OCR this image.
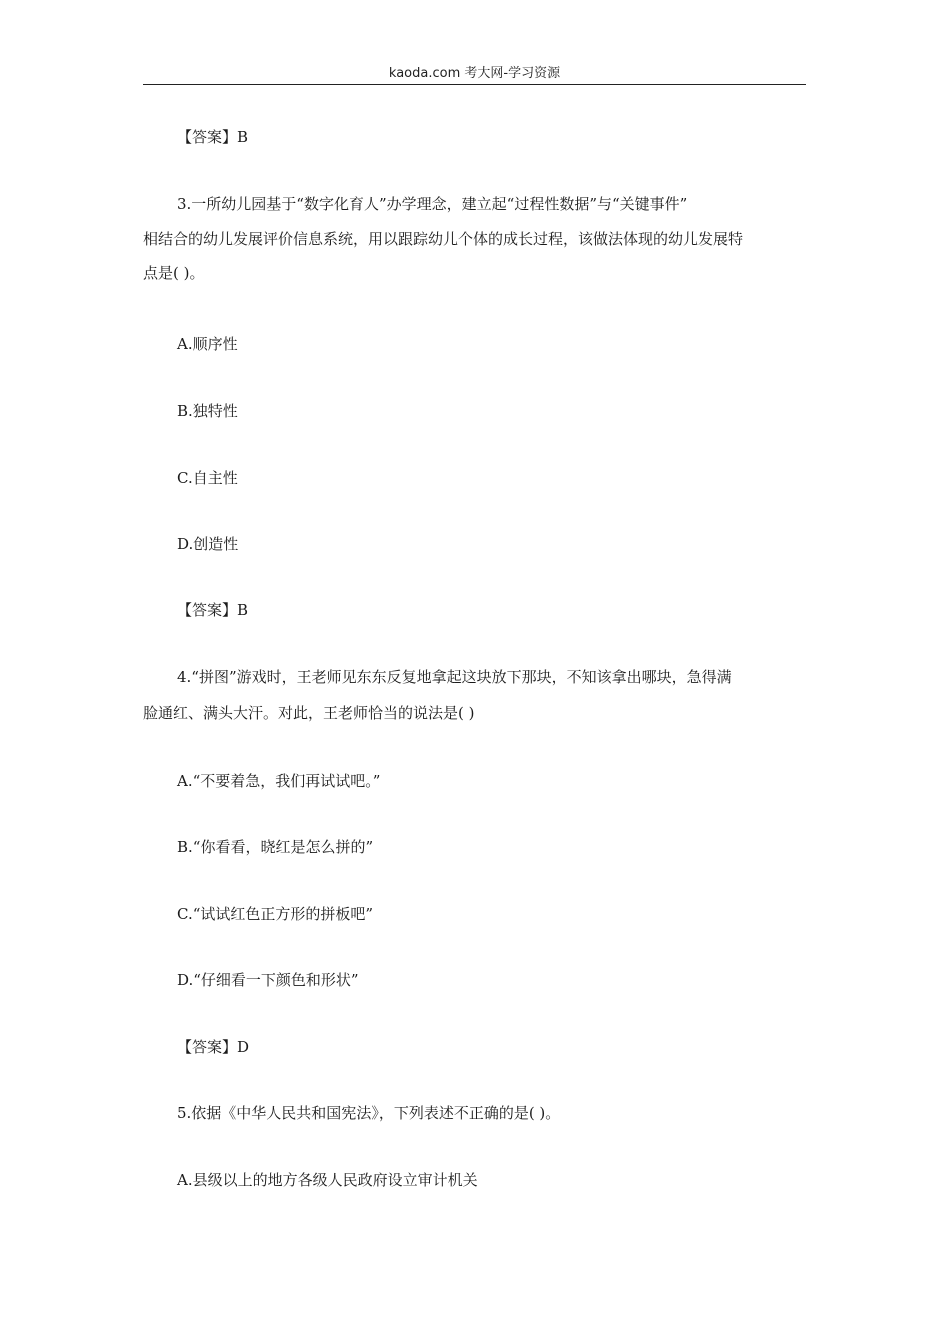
kaoda.com 考大网-学习资源
【答案】B
3.一所幼儿园基于“数字化育人”办学理念，建立起“过程性数据”与“关键事件”
相结合的幼儿发展评价信息系统，用以跟踪幼儿个体的成长过程，该做法体现的幼儿发展特
点是( )。
A.顺序性
B.独特性
C.自主性
D.创造性
【答案】B
4.“拼图”游戏时，王老师见东东反复地拿起这块放下那块，不知该拿出哪块，急得满
脸通红、满头大汗。对此，王老师恰当的说法是( )
A.“不要着急，我们再试试吧。”
B.“你看看，晓红是怎么拼的”
C.“试试红色正方形的拼板吧”
D.“仔细看一下颜色和形状”
【答案】D
5.依据《中华人民共和国宪法》，下列表述不正确的是( )。
A.县级以上的地方各级人民政府设立审计机关
